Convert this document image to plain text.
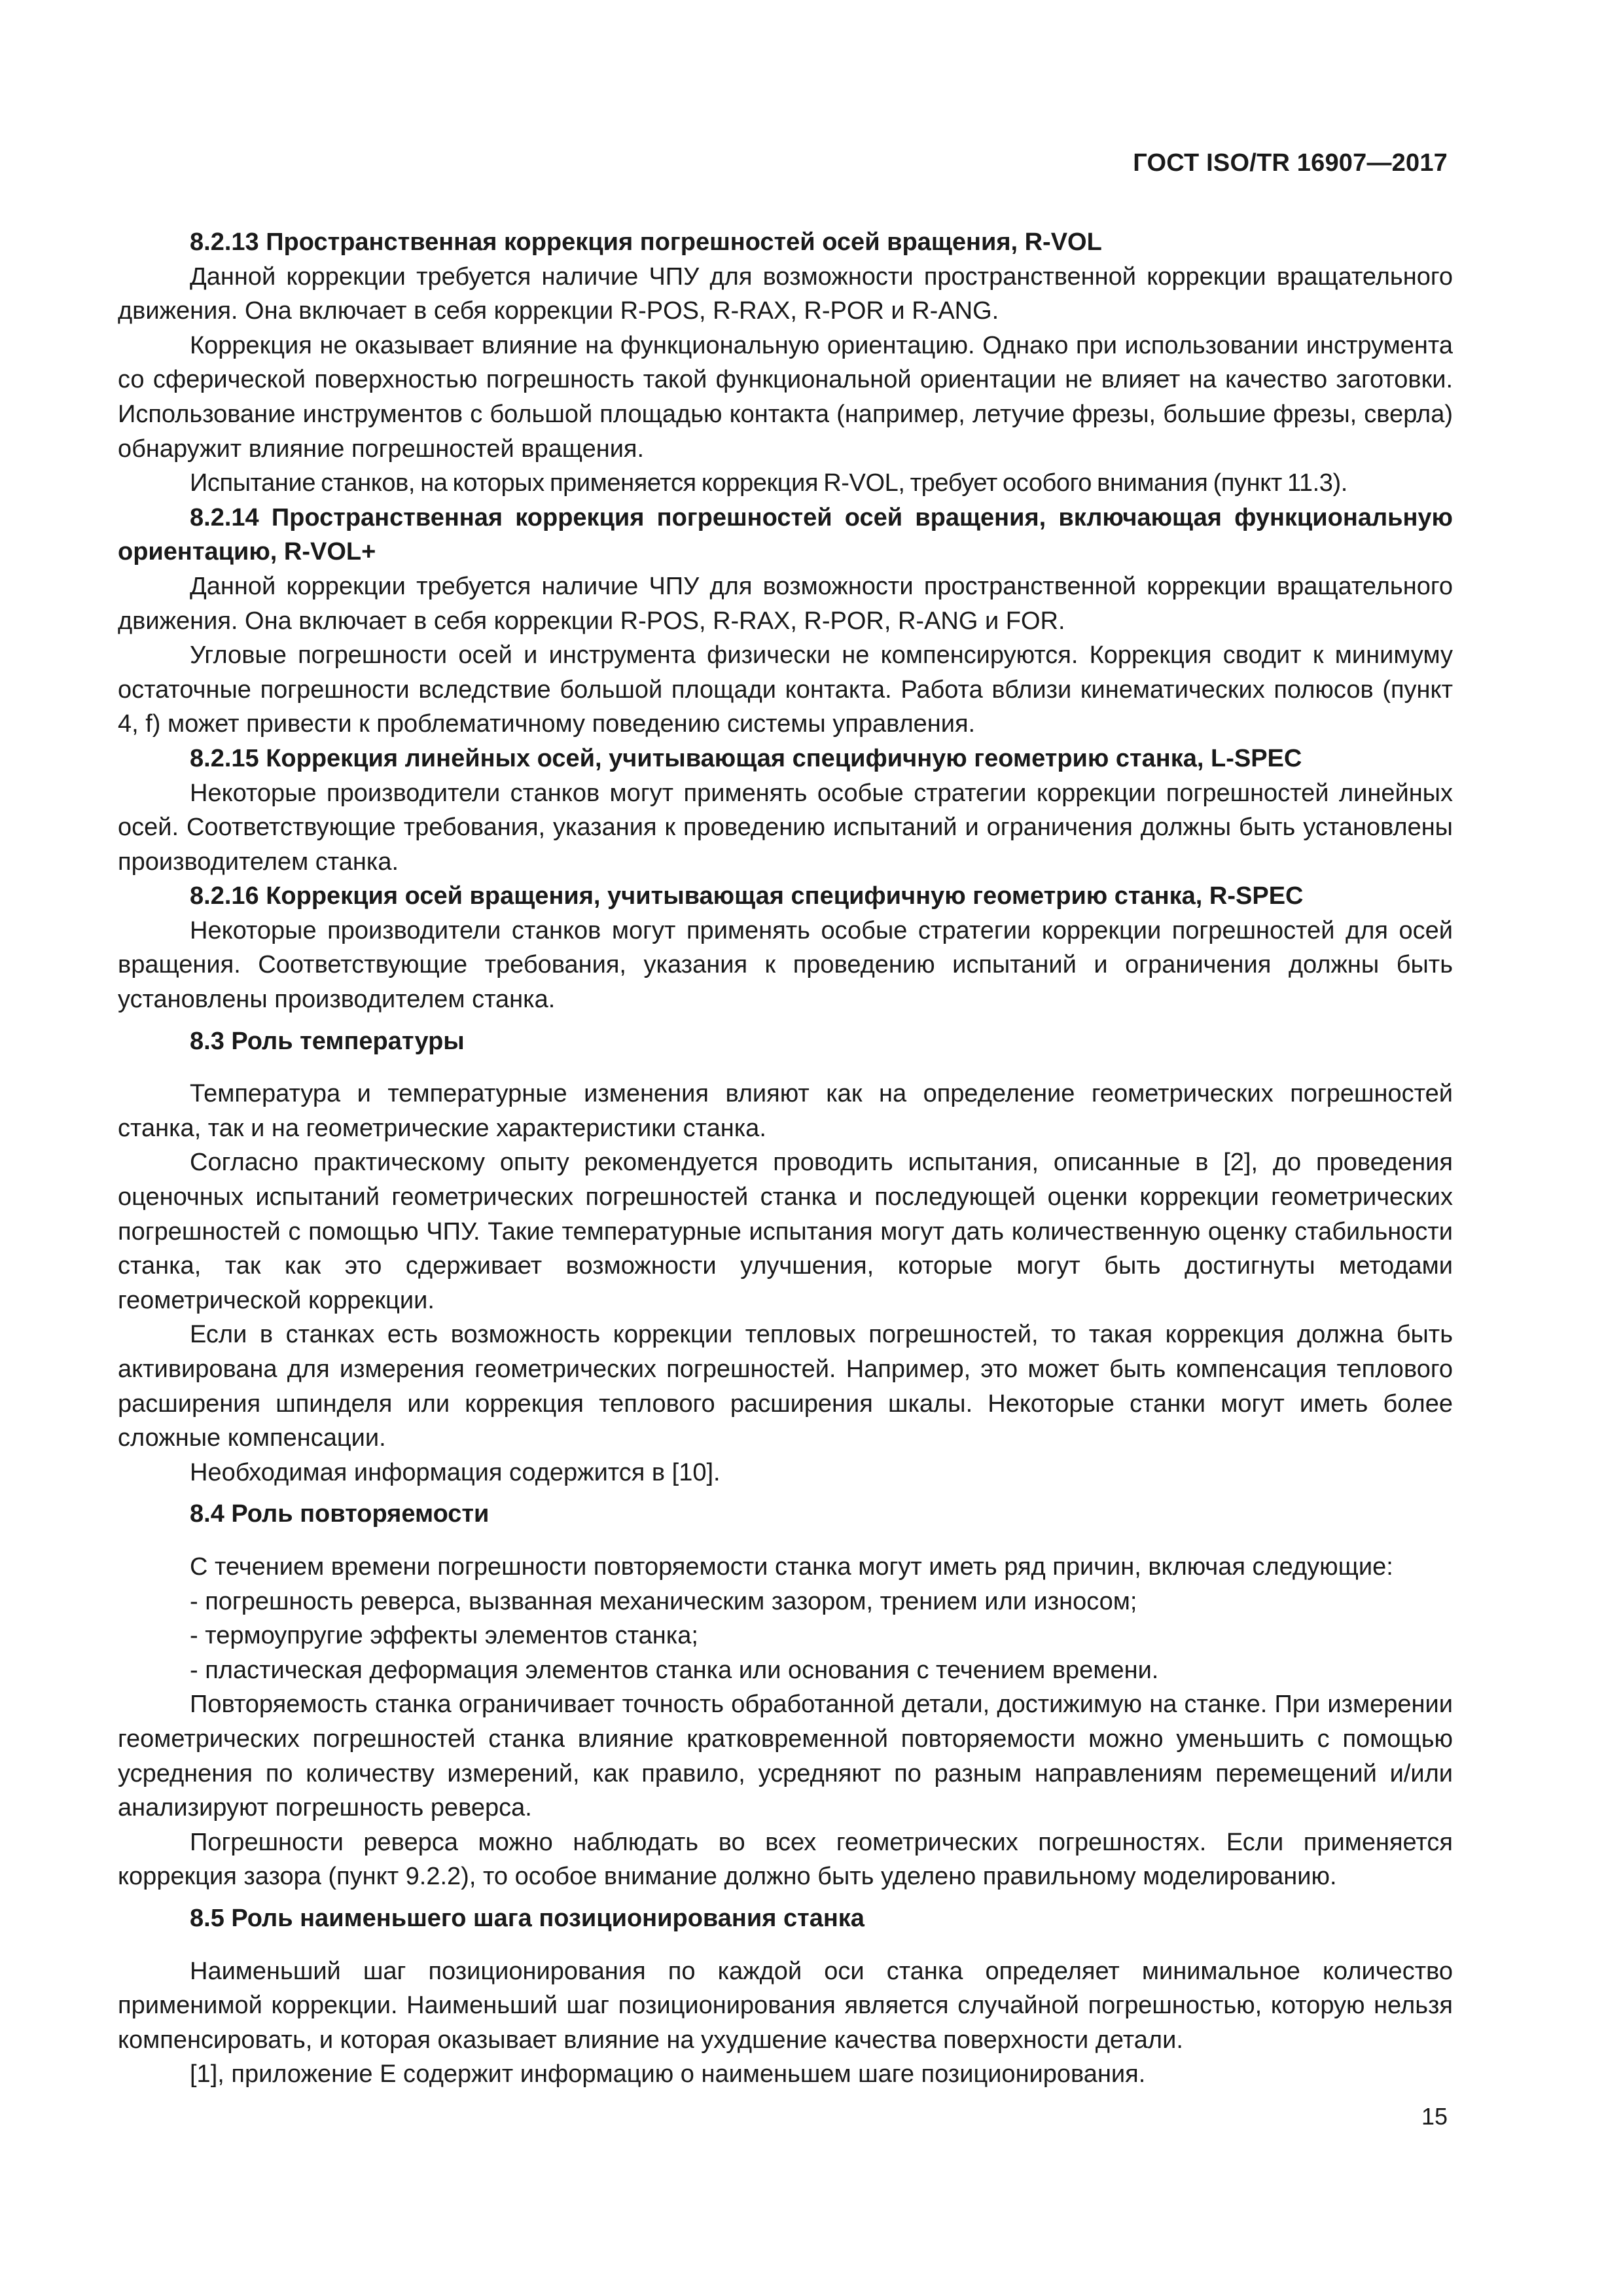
ГОСТ ISO/TR 16907—2017

8.2.13 Пространственная коррекция погрешностей осей вращения, R-VOL

Данной коррекции требуется наличие ЧПУ для возможности пространственной коррекции вращательного движения. Она включает в себя коррекции R-POS, R-RAX, R-POR и R-ANG.

Коррекция не оказывает влияние на функциональную ориентацию. Однако при использовании инструмента со сферической поверхностью погрешность такой функциональной ориентации не влияет на качество заготовки. Использование инструментов с большой площадью контакта (например, летучие фрезы, большие фрезы, сверла) обнаружит влияние погрешностей вращения.

Испытание станков, на которых применяется коррекция R-VOL, требует особого внимания (пункт 11.3).

8.2.14 Пространственная коррекция погрешностей осей вращения, включающая функциональную ориентацию, R-VOL+

Данной коррекции требуется наличие ЧПУ для возможности пространственной коррекции вращательного движения. Она включает в себя коррекции R-POS, R-RAX, R-POR, R-ANG и FOR.

Угловые погрешности осей и инструмента физически не компенсируются. Коррекция сводит к минимуму остаточные погрешности вследствие большой площади контакта. Работа вблизи кинематических полюсов (пункт 4, f) может привести к проблематичному поведению системы управления.

8.2.15 Коррекция линейных осей, учитывающая специфичную геометрию станка, L-SPEC

Некоторые производители станков могут применять особые стратегии коррекции погрешностей линейных осей. Соответствующие требования, указания к проведению испытаний и ограничения должны быть установлены производителем станка.

8.2.16 Коррекция осей вращения, учитывающая специфичную геометрию станка, R-SPEC

Некоторые производители станков могут применять особые стратегии коррекции погрешностей для осей вращения. Соответствующие требования, указания к проведению испытаний и ограничения должны быть установлены производителем станка.

8.3 Роль температуры

Температура и температурные изменения влияют как на определение геометрических погрешностей станка, так и на геометрические характеристики станка.

Согласно практическому опыту рекомендуется проводить испытания, описанные в [2], до проведения оценочных испытаний геометрических погрешностей станка и последующей оценки коррекции геометрических погрешностей с помощью ЧПУ. Такие температурные испытания могут дать количественную оценку стабильности станка, так как это сдерживает возможности улучшения, которые могут быть достигнуты методами геометрической коррекции.

Если в станках есть возможность коррекции тепловых погрешностей, то такая коррекция должна быть активирована для измерения геометрических погрешностей. Например, это может быть компенсация теплового расширения шпинделя или коррекция теплового расширения шкалы. Некоторые станки могут иметь более сложные компенсации.

Необходимая информация содержится в [10].

8.4 Роль повторяемости

С течением времени погрешности повторяемости станка могут иметь ряд причин, включая следующие:

- погрешность реверса, вызванная механическим зазором, трением или износом;

- термоупругие эффекты элементов станка;

- пластическая деформация элементов станка или основания с течением времени.

Повторяемость станка ограничивает точность обработанной детали, достижимую на станке. При измерении геометрических погрешностей станка влияние кратковременной повторяемости можно уменьшить с помощью усреднения по количеству измерений, как правило, усредняют по разным направлениям перемещений и/или анализируют погрешность реверса.

Погрешности реверса можно наблюдать во всех геометрических погрешностях. Если применяется коррекция зазора (пункт 9.2.2), то особое внимание должно быть уделено правильному моделированию.

8.5 Роль наименьшего шага позиционирования станка

Наименьший шаг позиционирования по каждой оси станка определяет минимальное количество применимой коррекции. Наименьший шаг позиционирования является случайной погрешностью, которую нельзя компенсировать, и которая оказывает влияние на ухудшение качества поверхности детали.

[1], приложение E содержит информацию о наименьшем шаге позиционирования.

15
